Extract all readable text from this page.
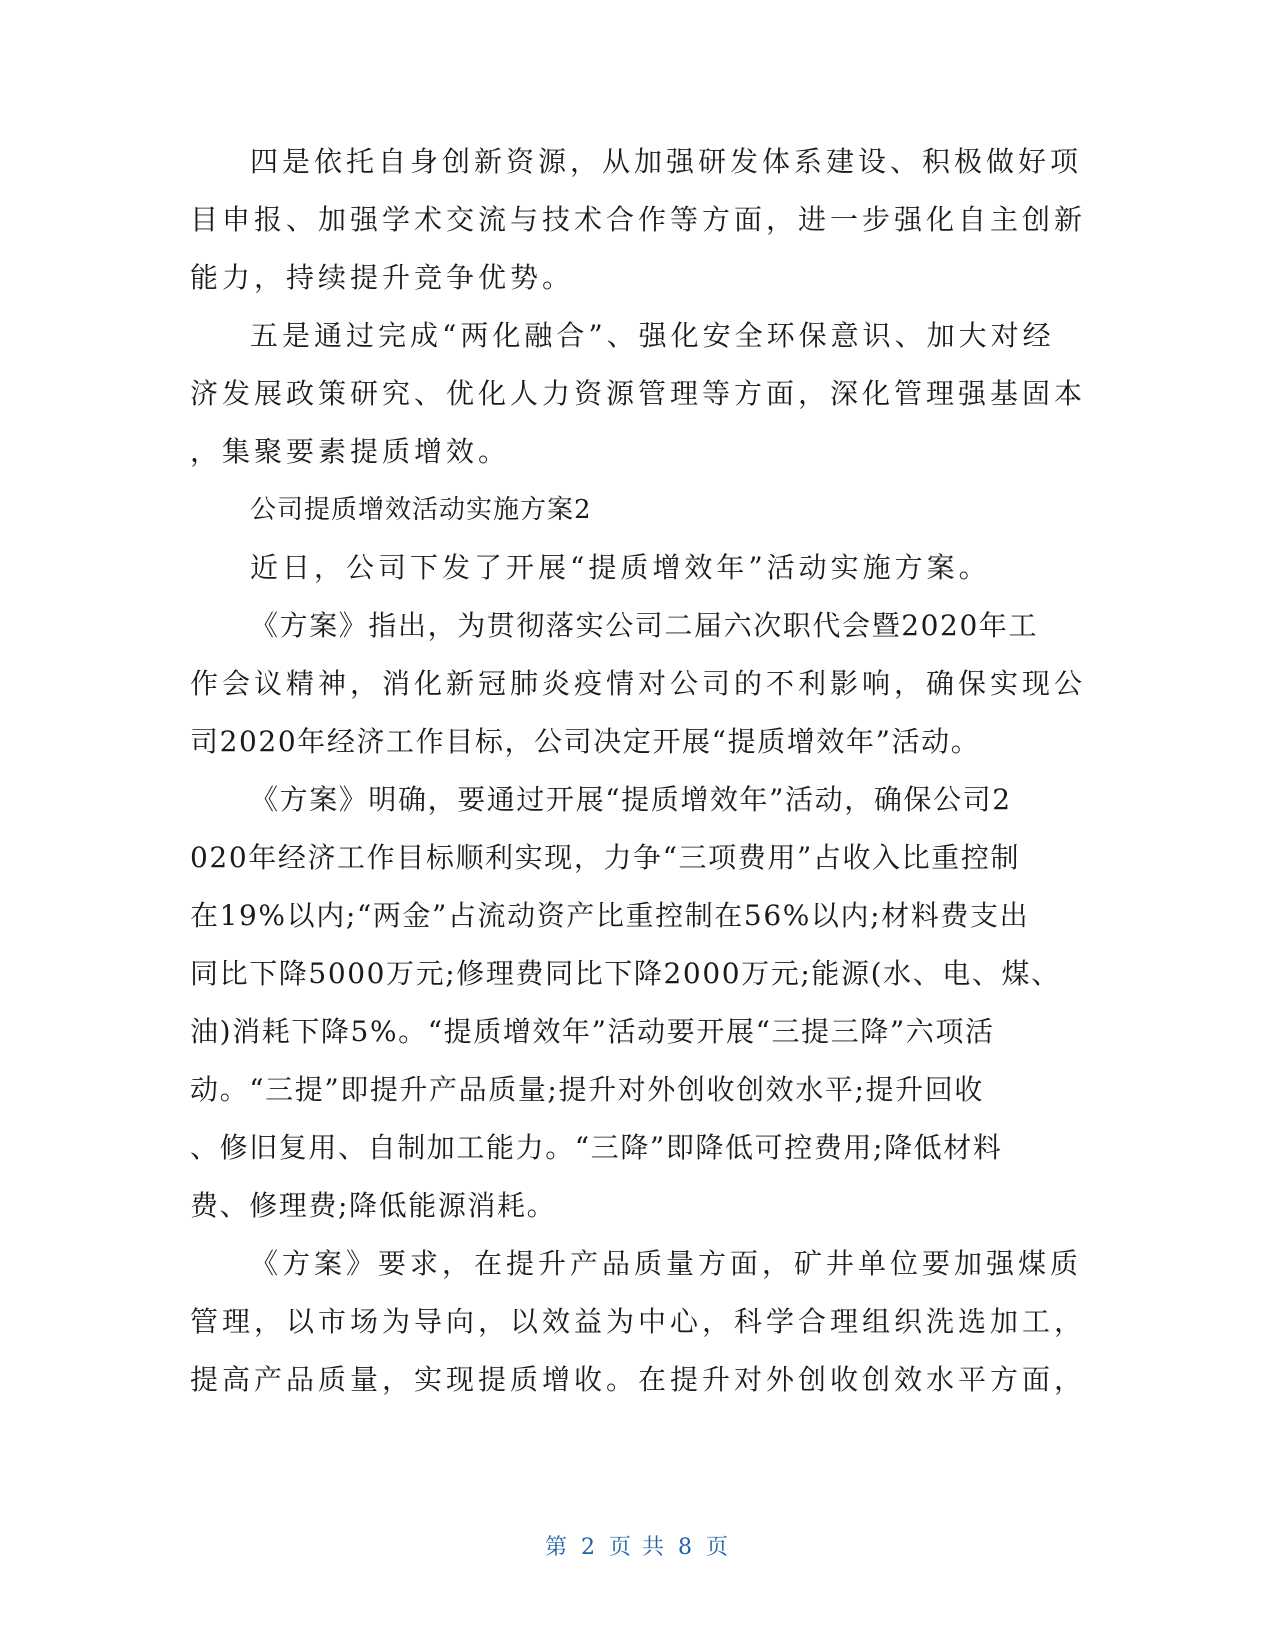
四是依托自身创新资源，从加强研发体系建设、积极做好项
目申报、加强学术交流与技术合作等方面，进一步强化自主创新
能力，持续提升竞争优势。
五是通过完成“两化融合”、强化安全环保意识、加大对经
济发展政策研究、优化人力资源管理等方面，深化管理强基固本
，集聚要素提质增效。
公司提质增效活动实施方案2
近日，公司下发了开展“提质增效年”活动实施方案。
《方案》指出，为贯彻落实公司二届六次职代会暨2020年工
作会议精神，消化新冠肺炎疫情对公司的不利影响，确保实现公
司2020年经济工作目标，公司决定开展“提质增效年”活动。
《方案》明确，要通过开展“提质增效年”活动，确保公司2
020年经济工作目标顺利实现，力争“三项费用”占收入比重控制
在19%以内;“两金”占流动资产比重控制在56%以内;材料费支出
同比下降5000万元;修理费同比下降2000万元;能源(水、电、煤、
油)消耗下降5%。“提质增效年”活动要开展“三提三降”六项活
动。“三提”即提升产品质量;提升对外创收创效水平;提升回收
、修旧复用、自制加工能力。“三降”即降低可控费用;降低材料
费、修理费;降低能源消耗。
《方案》要求，在提升产品质量方面，矿井单位要加强煤质
管理，以市场为导向，以效益为中心，科学合理组织洗选加工，
提高产品质量，实现提质增收。在提升对外创收创效水平方面，
第 2 页 共 8 页
